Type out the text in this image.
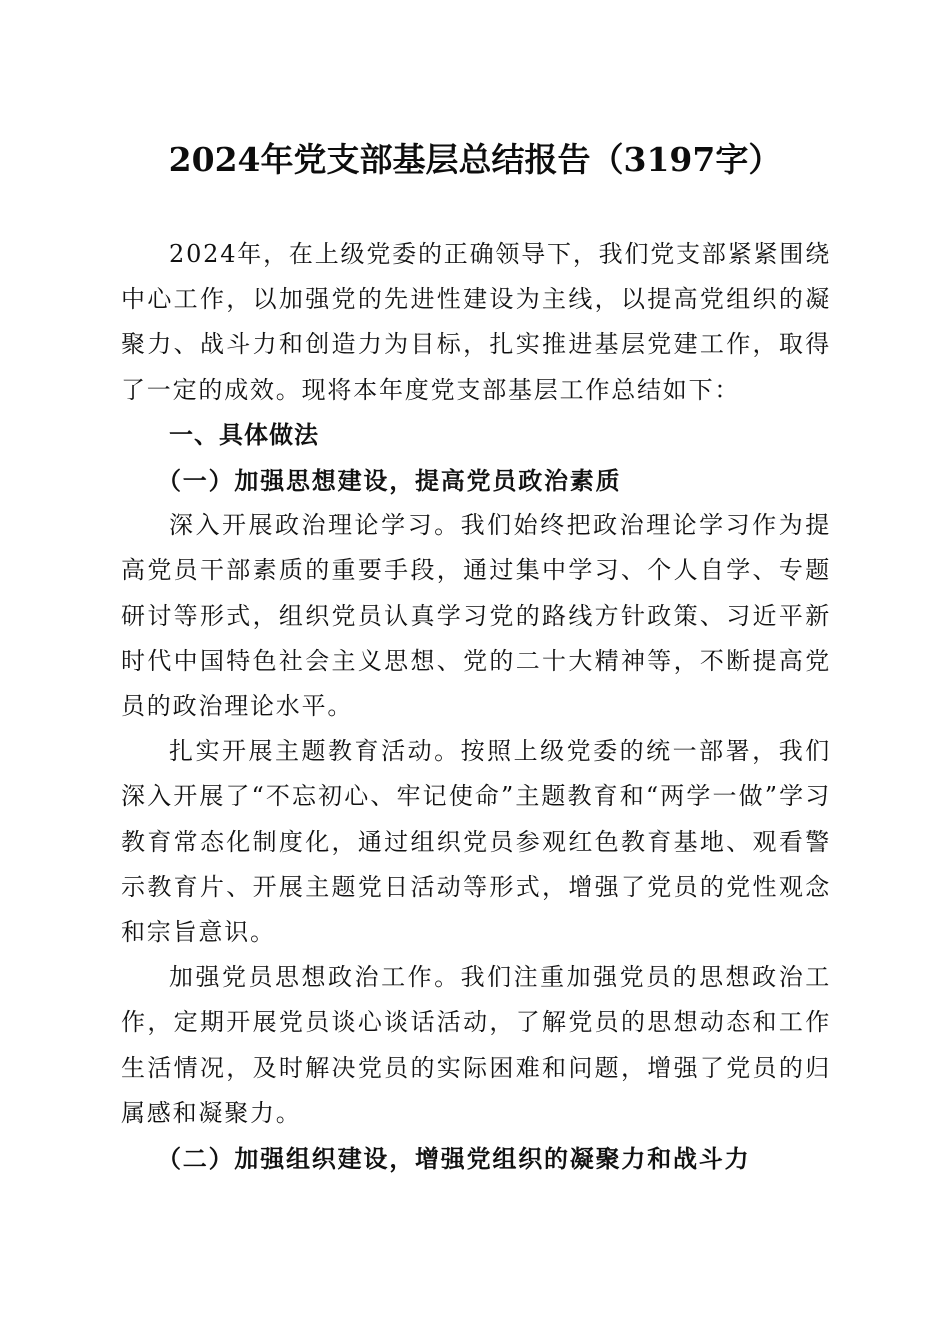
2024年党支部基层总结报告（3197字）

2024年，在上级党委的正确领导下，我们党支部紧紧围绕中心工作，以加强党的先进性建设为主线，以提高党组织的凝聚力、战斗力和创造力为目标，扎实推进基层党建工作，取得了一定的成效。现将本年度党支部基层工作总结如下：

一、具体做法

（一）加强思想建设，提高党员政治素质

深入开展政治理论学习。我们始终把政治理论学习作为提高党员干部素质的重要手段，通过集中学习、个人自学、专题研讨等形式，组织党员认真学习党的路线方针政策、习近平新时代中国特色社会主义思想、党的二十大精神等，不断提高党员的政治理论水平。

扎实开展主题教育活动。按照上级党委的统一部署，我们深入开展了“不忘初心、牢记使命”主题教育和“两学一做”学习教育常态化制度化，通过组织党员参观红色教育基地、观看警示教育片、开展主题党日活动等形式，增强了党员的党性观念和宗旨意识。

加强党员思想政治工作。我们注重加强党员的思想政治工作，定期开展党员谈心谈话活动，了解党员的思想动态和工作生活情况，及时解决党员的实际困难和问题，增强了党员的归属感和凝聚力。

（二）加强组织建设，增强党组织的凝聚力和战斗力
